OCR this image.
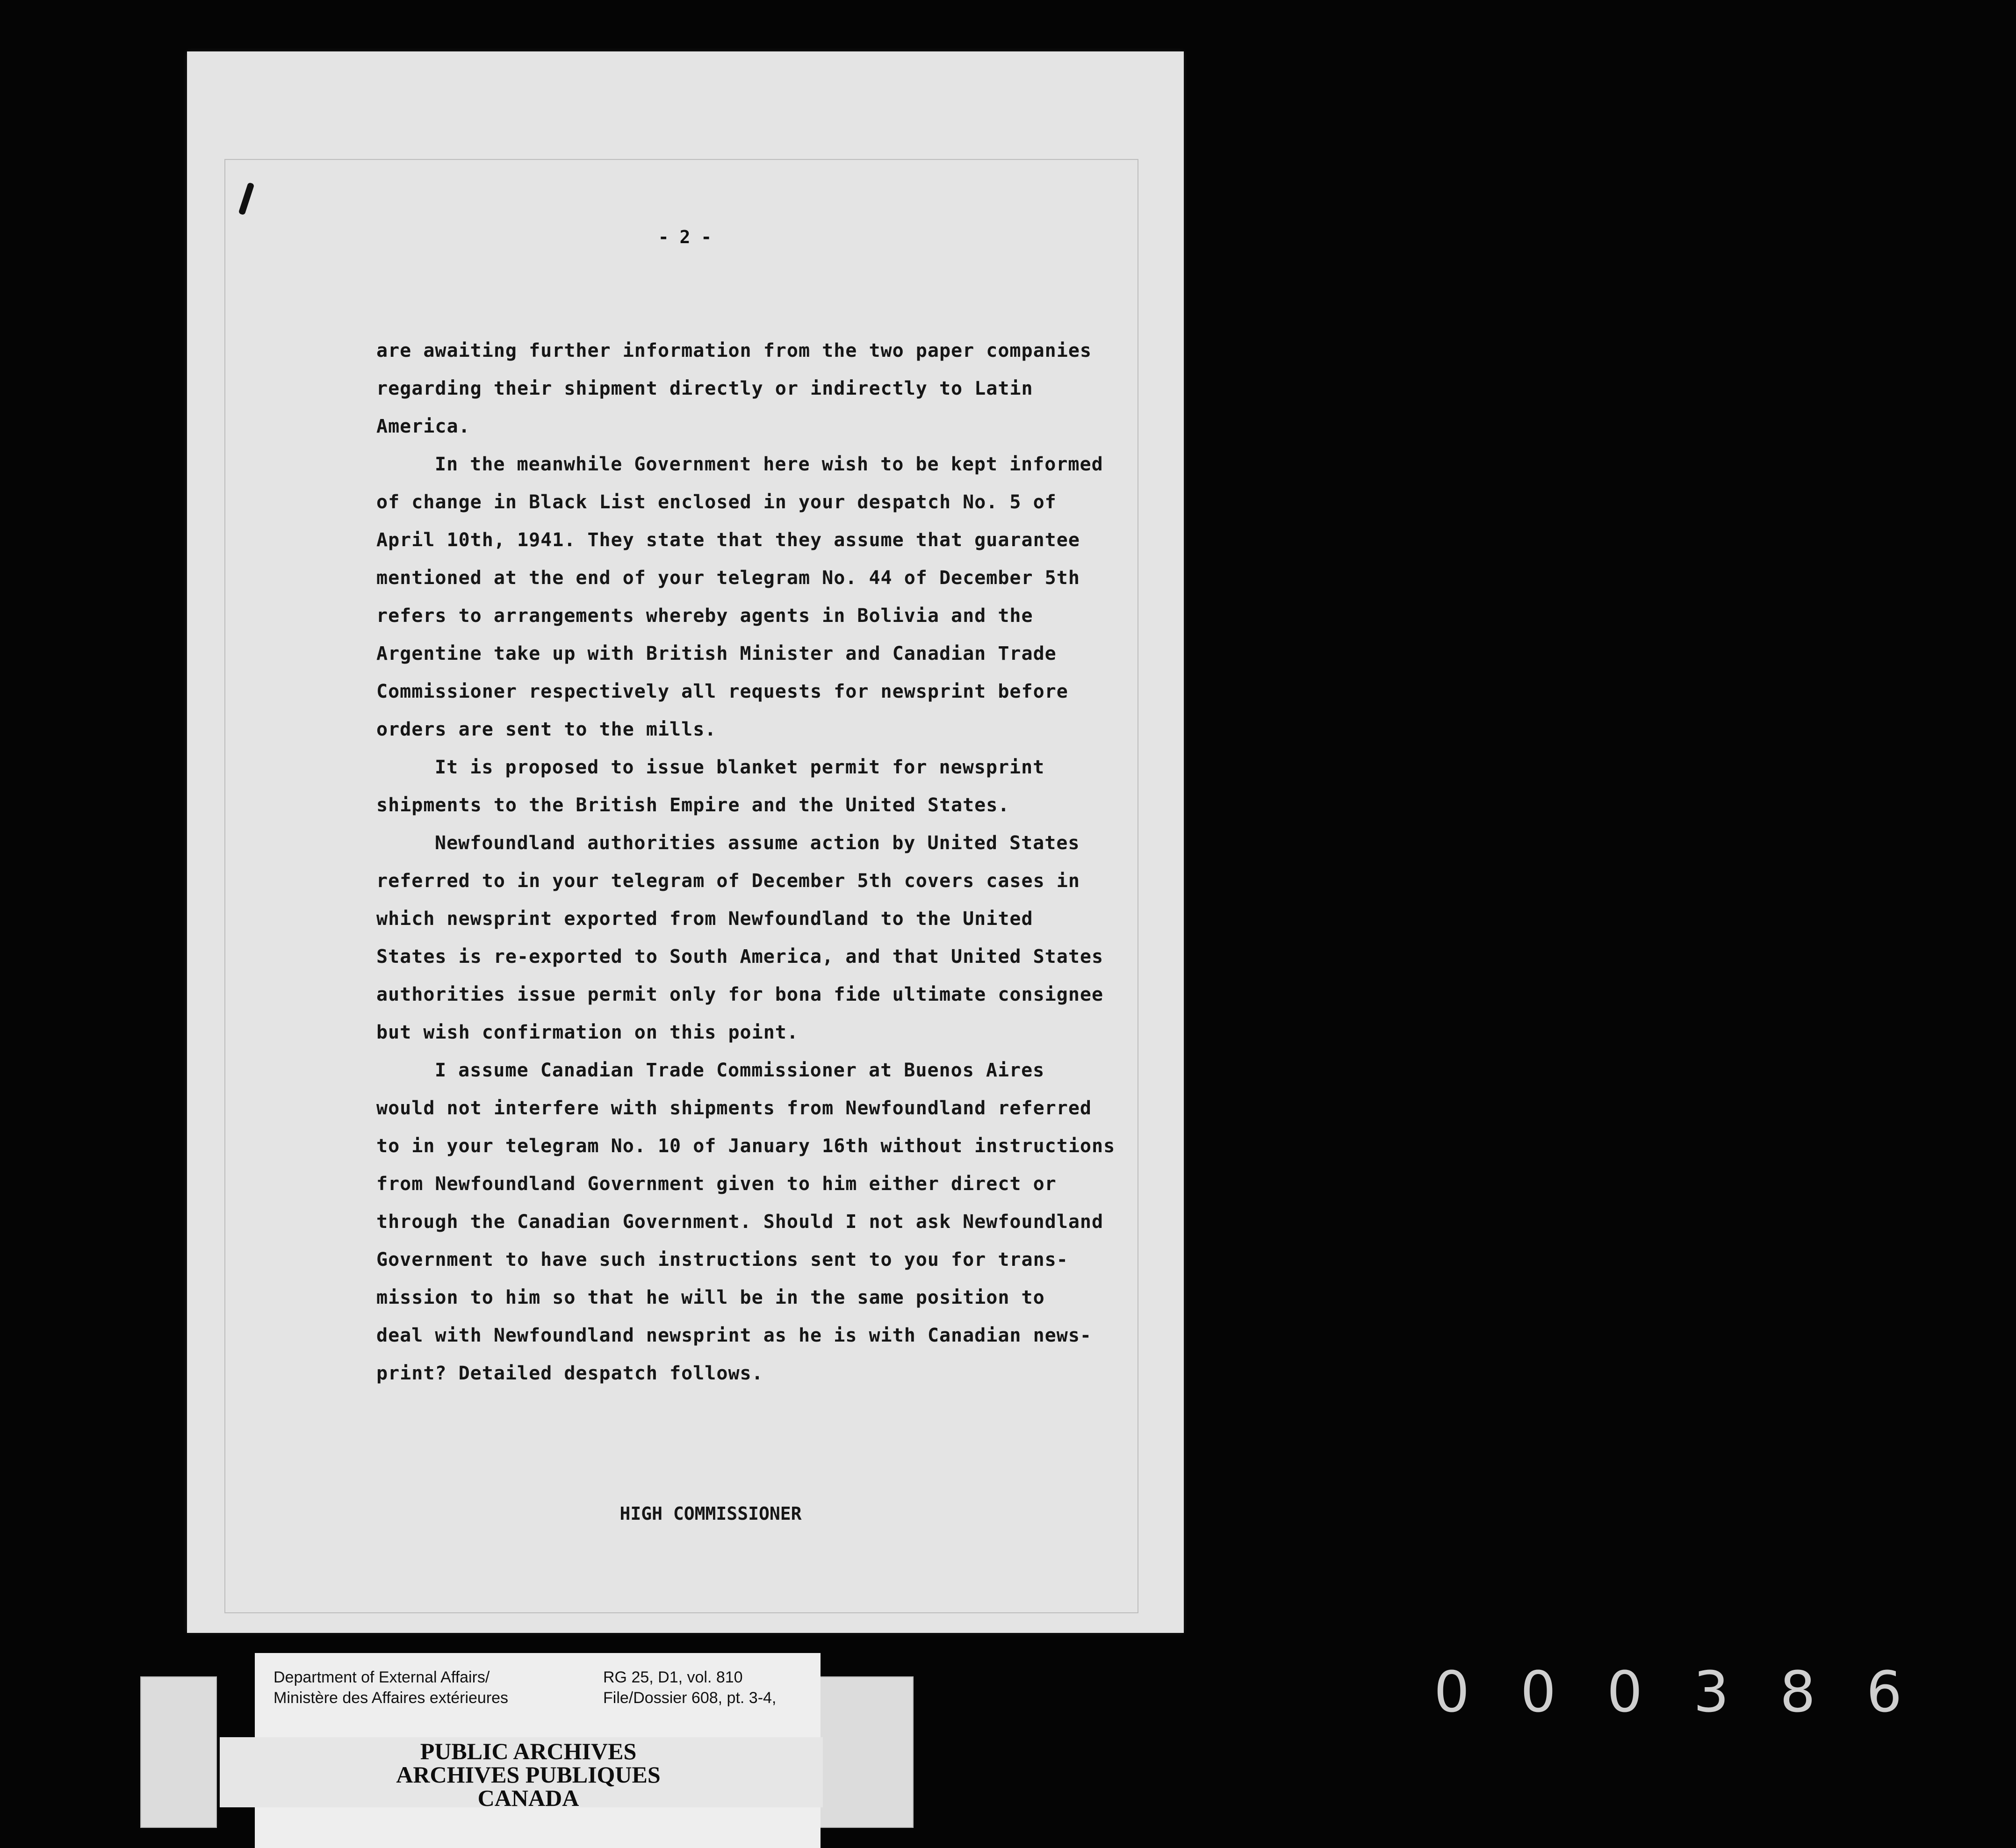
- 2 -

are awaiting further information from the two paper companies

regarding their shipment directly or indirectly to Latin

America.

In the meanwhile Government here wish to be kept informed

of change in Black List enclosed in your despatch No. 5 of

April 10th, 1941. They state that they assume that guarantee

mentioned at the end of your telegram No. 44 of December 5th

refers to arrangements whereby agents in Bolivia and the

Argentine take up with British Minister and Canadian Trade

Commissioner respectively all requests for newsprint before

orders are sent to the mills.

It is proposed to issue blanket permit for newsprint

shipments to the British Empire and the United States.

Newfoundland authorities assume action by United States

referred to in your telegram of December 5th covers cases in

which newsprint exported from Newfoundland to the United

States is re-exported to South America, and that United States

authorities issue permit only for bona fide ultimate consignee

but wish confirmation on this point.

I assume Canadian Trade Commissioner at Buenos Aires

would not interfere with shipments from Newfoundland referred

to in your telegram No. 10 of January 16th without instructions

from Newfoundland Government given to him either direct or

through the Canadian Government. Should I not ask Newfoundland

Government to have such instructions sent to you for trans-

mission to him so that he will be in the same position to

deal with Newfoundland newsprint as he is with Canadian news-

print? Detailed despatch follows.

HIGH COMMISSIONER
Department of External Affairs/
Ministère des Affaires extérieures
RG 25, D1, vol. 810
File/Dossier 608, pt. 3-4,
PUBLIC ARCHIVES
ARCHIVES PUBLIQUES
CANADA
0 0 0 3 8 6
